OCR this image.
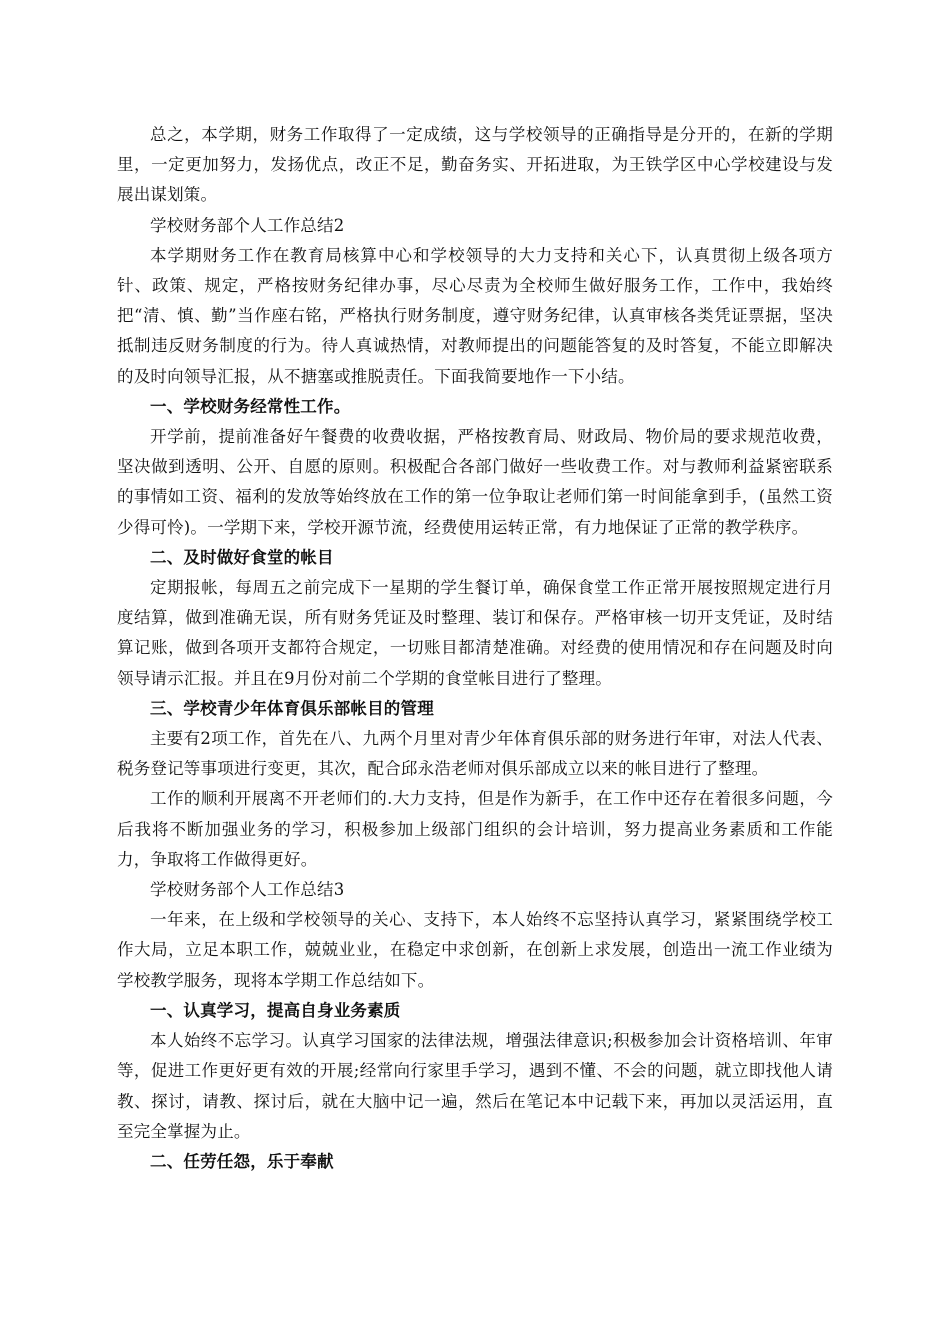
总之，本学期，财务工作取得了一定成绩，这与学校领导的正确指导是分开的，在新的学期里，一定更加努力，发扬优点，改正不足，勤奋务实、开拓进取，为王铁学区中心学校建设与发展出谋划策。

学校财务部个人工作总结2

本学期财务工作在教育局核算中心和学校领导的大力支持和关心下，认真贯彻上级各项方针、政策、规定，严格按财务纪律办事，尽心尽责为全校师生做好服务工作，工作中，我始终把“清、慎、勤”当作座右铭，严格执行财务制度，遵守财务纪律，认真审核各类凭证票据，坚决抵制违反财务制度的行为。待人真诚热情，对教师提出的问题能答复的及时答复，不能立即解决的及时向领导汇报，从不搪塞或推脱责任。下面我简要地作一下小结。

一、学校财务经常性工作。

开学前，提前准备好午餐费的收费收据，严格按教育局、财政局、物价局的要求规范收费，坚决做到透明、公开、自愿的原则。积极配合各部门做好一些收费工作。对与教师利益紧密联系的事情如工资、福利的发放等始终放在工作的第一位争取让老师们第一时间能拿到手，(虽然工资少得可怜)。一学期下来，学校开源节流，经费使用运转正常，有力地保证了正常的教学秩序。

二、及时做好食堂的帐目

定期报帐，每周五之前完成下一星期的学生餐订单，确保食堂工作正常开展按照规定进行月度结算，做到准确无误，所有财务凭证及时整理、装订和保存。严格审核一切开支凭证，及时结算记账，做到各项开支都符合规定，一切账目都清楚准确。对经费的使用情况和存在问题及时向领导请示汇报。并且在9月份对前二个学期的食堂帐目进行了整理。

三、学校青少年体育俱乐部帐目的管理

主要有2项工作，首先在八、九两个月里对青少年体育俱乐部的财务进行年审，对法人代表、税务登记等事项进行变更，其次，配合邱永浩老师对俱乐部成立以来的帐目进行了整理。

工作的顺利开展离不开老师们的.大力支持，但是作为新手，在工作中还存在着很多问题，今后我将不断加强业务的学习，积极参加上级部门组织的会计培训，努力提高业务素质和工作能力，争取将工作做得更好。

学校财务部个人工作总结3

一年来，在上级和学校领导的关心、支持下，本人始终不忘坚持认真学习，紧紧围绕学校工作大局，立足本职工作，兢兢业业，在稳定中求创新，在创新上求发展，创造出一流工作业绩为学校教学服务，现将本学期工作总结如下。

一、认真学习，提高自身业务素质

本人始终不忘学习。认真学习国家的法律法规，增强法律意识;积极参加会计资格培训、年审等，促进工作更好更有效的开展;经常向行家里手学习，遇到不懂、不会的问题，就立即找他人请教、探讨，请教、探讨后，就在大脑中记一遍，然后在笔记本中记载下来，再加以灵活运用，直至完全掌握为止。

二、任劳任怨，乐于奉献
